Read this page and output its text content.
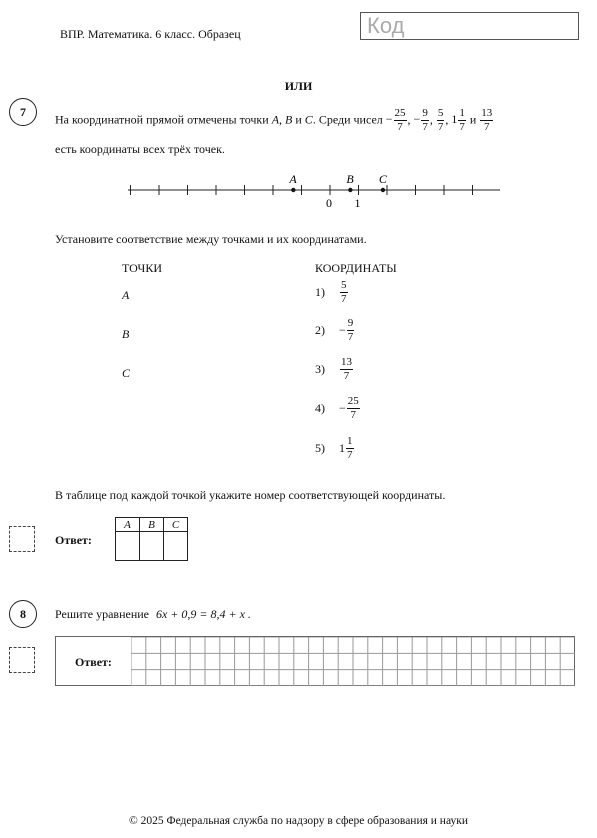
ВПР. Математика. 6 класс. Образец	Код
ИЛИ
7
На координатной прямой отмечены точки A, B и C. Среди чисел − $\frac{25}{7}$ , − $\frac{9}{7}$ , $\frac{5}{7}$ , $1 \frac{1}{7}$ и $\frac{13}{7}$
есть координаты всех трёх точек.
0 1
A	B C
Установите соответствие между точками и их координатами.
ТОЧКИ	КООРДИНАТЫ
A
B
C
1)	$\frac{5}{7}$
2)	− $\frac{9}{7}$
3)	$\frac{13}{7}$
4)	− $\frac{25}{7}$
5)	$1 \frac{1}{7}$
В таблице под каждой точкой укажите номер соответствующей координаты.
Ответ:
A	B	C

8	Решите уравнение 6x + 0,9 = 8,4 + x .
Ответ:
© 2025 Федеральная служба по надзору в сфере образования и науки
